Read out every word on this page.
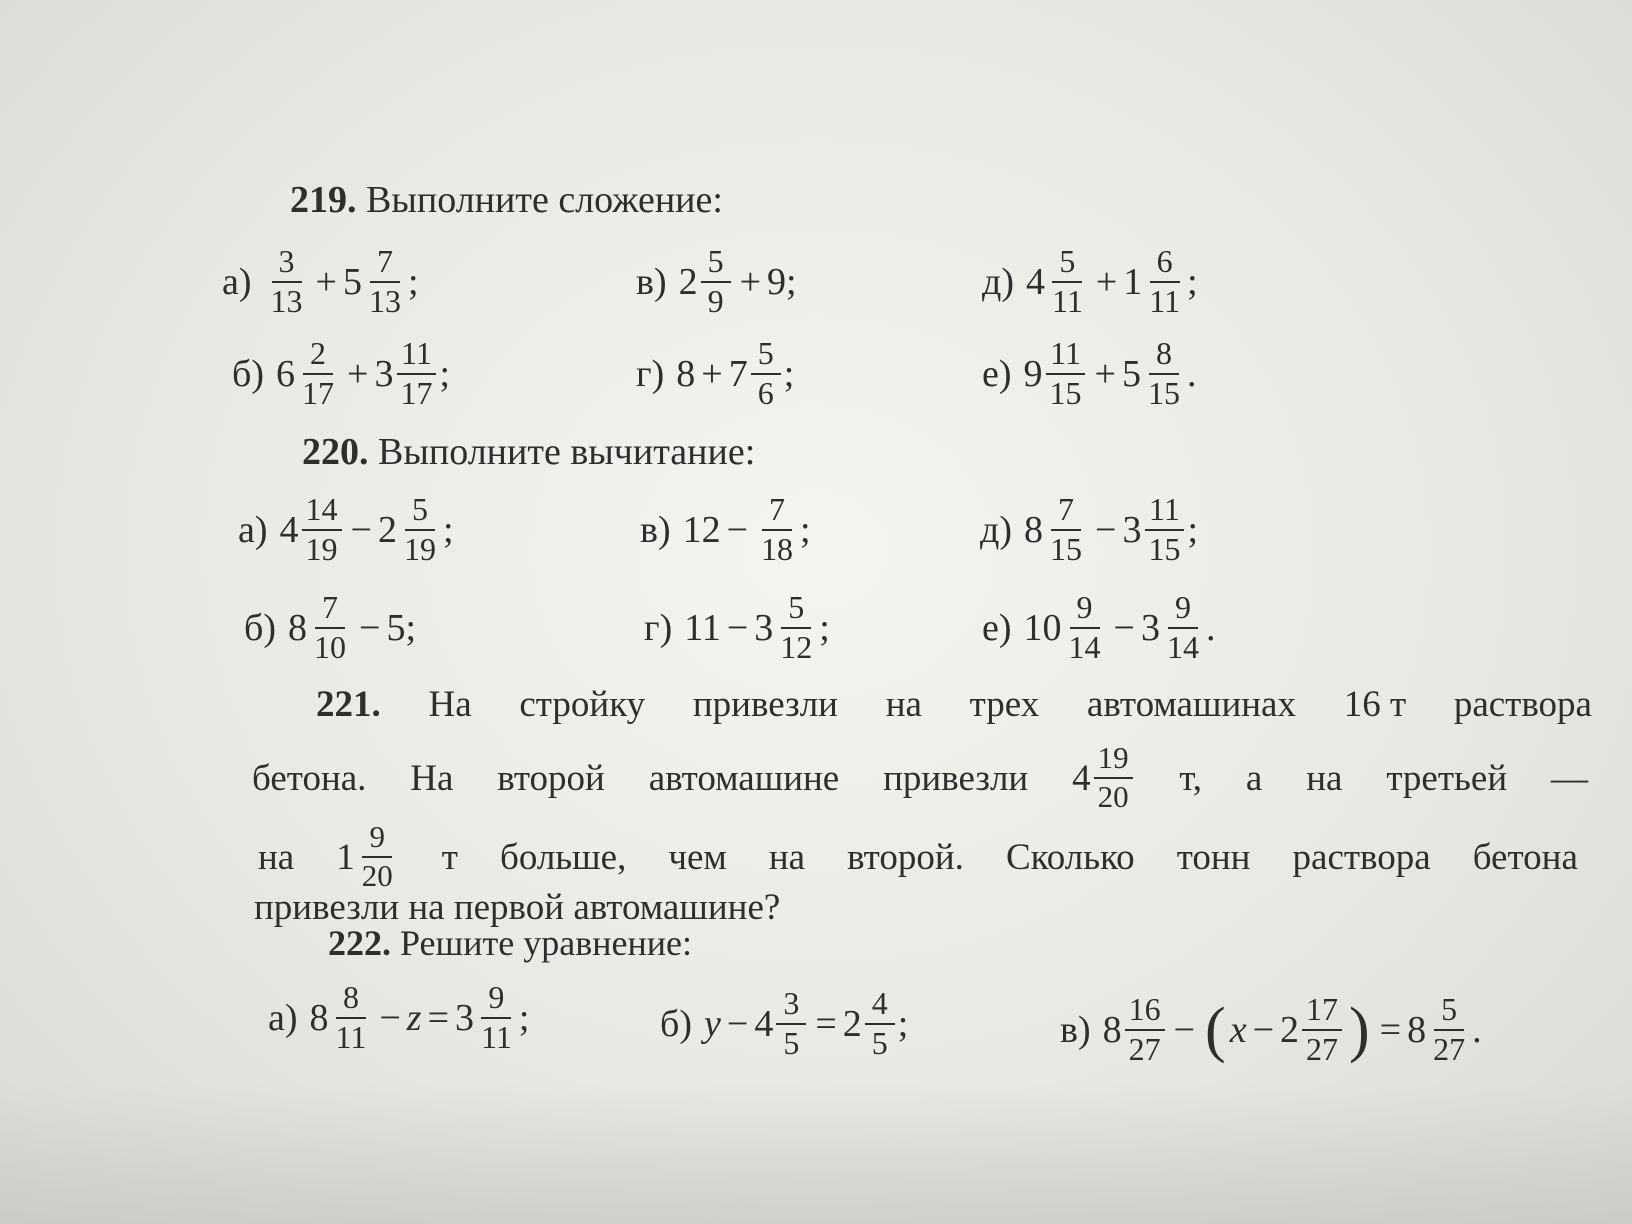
219. Выполните сложение:
$а) \frac{3}{13} + 5 \frac{7}{13}$ ;	в) $2 \frac{5}{9} + 9$ ;	д) $4 \frac{5}{11} + 1 \frac{6}{11}$ ;
б) $6 \frac{2}{17} + 3 \frac{11}{17}$ ;	г) $8 + 7 \frac{5}{6}$ ;	е) $9 \frac{11}{15} + 5 \frac{8}{15}$ .
220. Выполните вычитание:
а) $4 \frac{14}{19} - 2 \frac{5}{19}$ ;	в) $12 - \frac{7}{18}$ ;	д) $8 \frac{7}{15} - 3 \frac{11}{15}$ ;
б) $8 \frac{7}{10} - 5$ ;	г) $11 - 3 \frac{5}{12}$ ;	е) $10 \frac{9}{14} - 3 \frac{9}{14}$ .
221. На стройку привезли на трех автомашинах 16 т раствора
бетона. На второй автомашине привезли $4 \frac{19}{20} т$, а на третьей —
на $1 \frac{9}{20}$ т больше, чем на второй. Сколько тонн раствора бетона
привезли на первой автомашине?
222. Решите уравнение:
а) $8 \frac{8}{11} - z = 3 \frac{9}{11}$ ;	б) $y - 4 \frac{3}{5} = 2 \frac{4}{5}$ ;	в) $8 \frac{16}{27}$ − ( $x - 2 \frac{17}{27}$ ) = $8 \frac{5}{27}$ .
